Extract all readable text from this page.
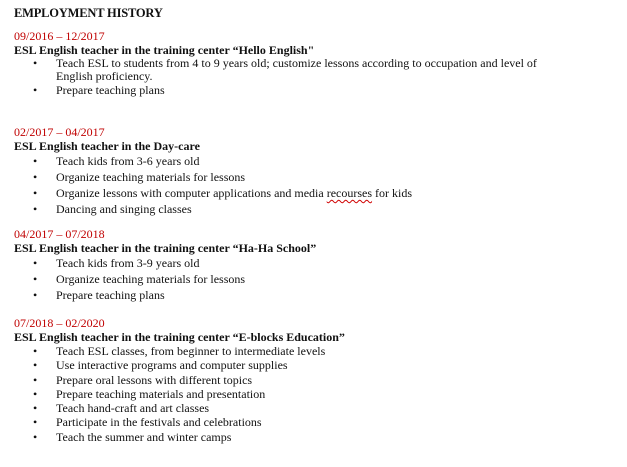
EMPLOYMENT HISTORY
09/2016 – 12/2017
ESL English teacher in the training center “Hello English"
• Teach ESL to students from 4 to 9 years old; customize lessons according to occupation and level of English proficiency.
• Prepare teaching plans
02/2017 – 04/2017
ESL English teacher in the Day-care
• Teach kids from 3-6 years old
• Organize teaching materials for lessons
• Organize lessons with computer applications and media recourses for kids
• Dancing and singing classes
04/2017 – 07/2018
ESL English teacher in the training center “Ha-Ha School”
• Teach kids from 3-9 years old
• Organize teaching materials for lessons
• Prepare teaching plans
07/2018 – 02/2020
ESL English teacher in the training center “E-blocks Education”
• Teach ESL classes, from beginner to intermediate levels
• Use interactive programs and computer supplies
• Prepare oral lessons with different topics
• Prepare teaching materials and presentation
• Teach hand-craft and art classes
• Participate in the festivals and celebrations
• Teach the summer and winter camps
